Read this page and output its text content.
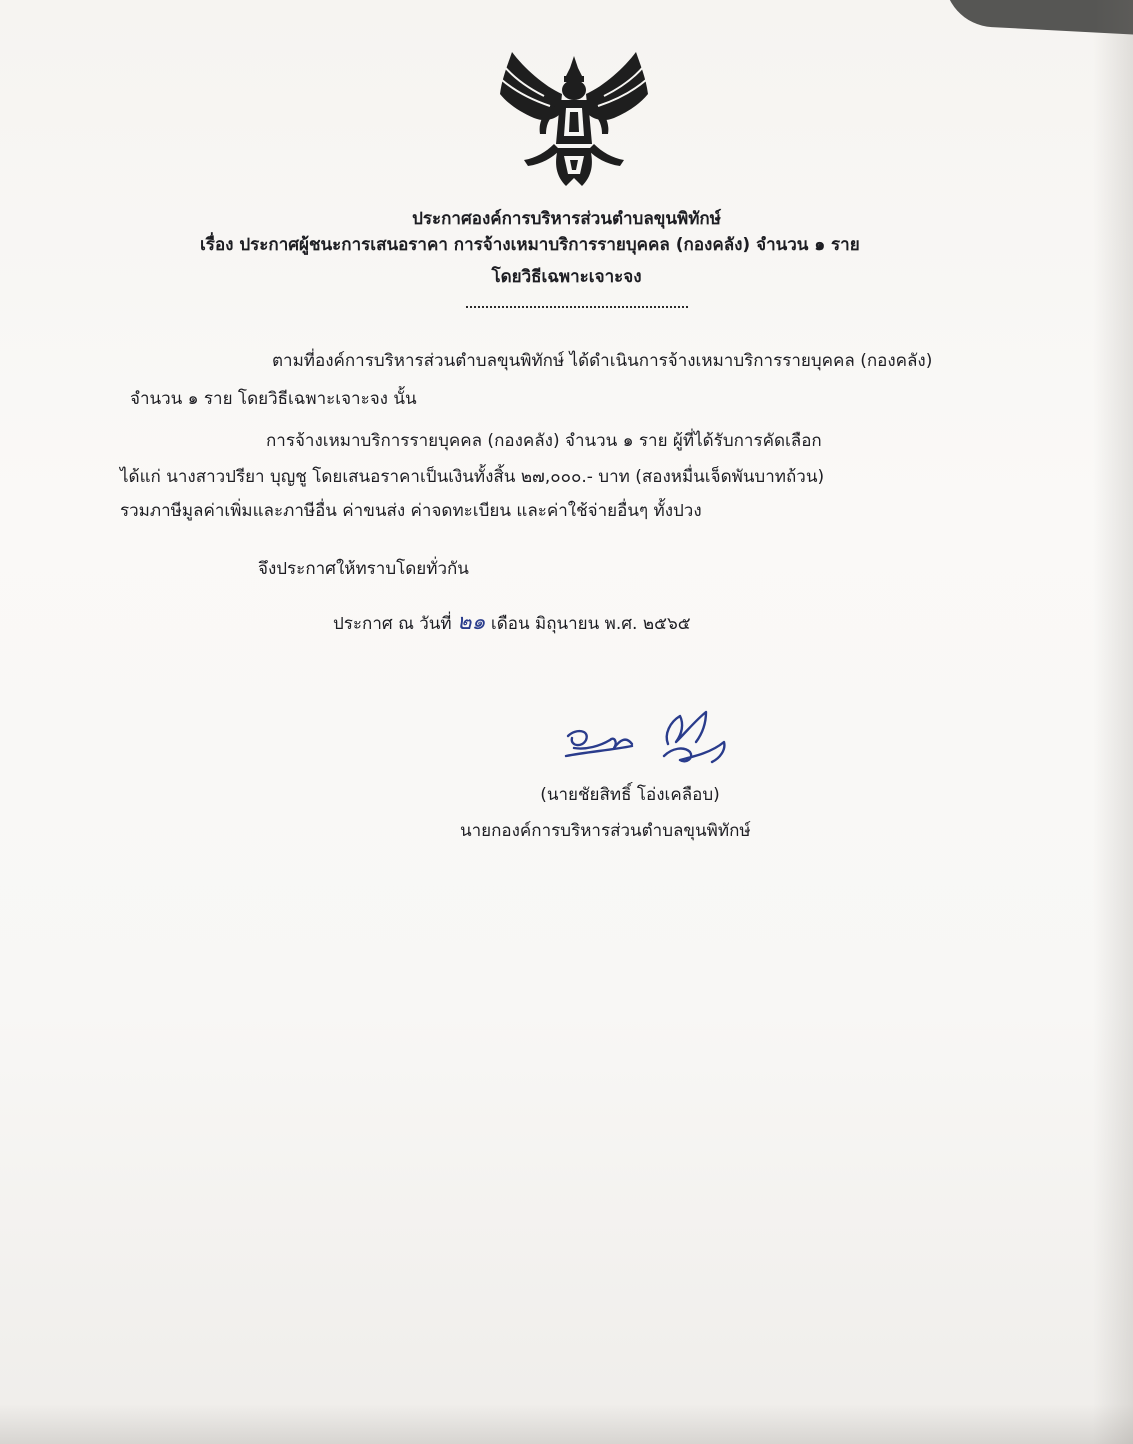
ประกาศองค์การบริหารส่วนตำบลขุนพิทักษ์
เรื่อง ประกาศผู้ชนะการเสนอราคา การจ้างเหมาบริการรายบุคคล (กองคลัง) จำนวน ๑ ราย
โดยวิธีเฉพาะเจาะจง
ตามที่องค์การบริหารส่วนตำบลขุนพิทักษ์ ได้ดำเนินการจ้างเหมาบริการรายบุคคล (กองคลัง)
จำนวน ๑ ราย โดยวิธีเฉพาะเจาะจง นั้น
การจ้างเหมาบริการรายบุคคล (กองคลัง) จำนวน ๑ ราย ผู้ที่ได้รับการคัดเลือก
ได้แก่ นางสาวปรียา บุญชู โดยเสนอราคาเป็นเงินทั้งสิ้น ๒๗,๐๐๐.- บาท (สองหมื่นเจ็ดพันบาทถ้วน)
รวมภาษีมูลค่าเพิ่มและภาษีอื่น ค่าขนส่ง ค่าจดทะเบียน และค่าใช้จ่ายอื่นๆ ทั้งปวง
จึงประกาศให้ทราบโดยทั่วกัน
ประกาศ ณ วันที่ ๒๑ เดือน มิถุนายน พ.ศ. ๒๕๖๕
(นายชัยสิทธิ์ โอ่งเคลือบ)
นายกองค์การบริหารส่วนตำบลขุนพิทักษ์
